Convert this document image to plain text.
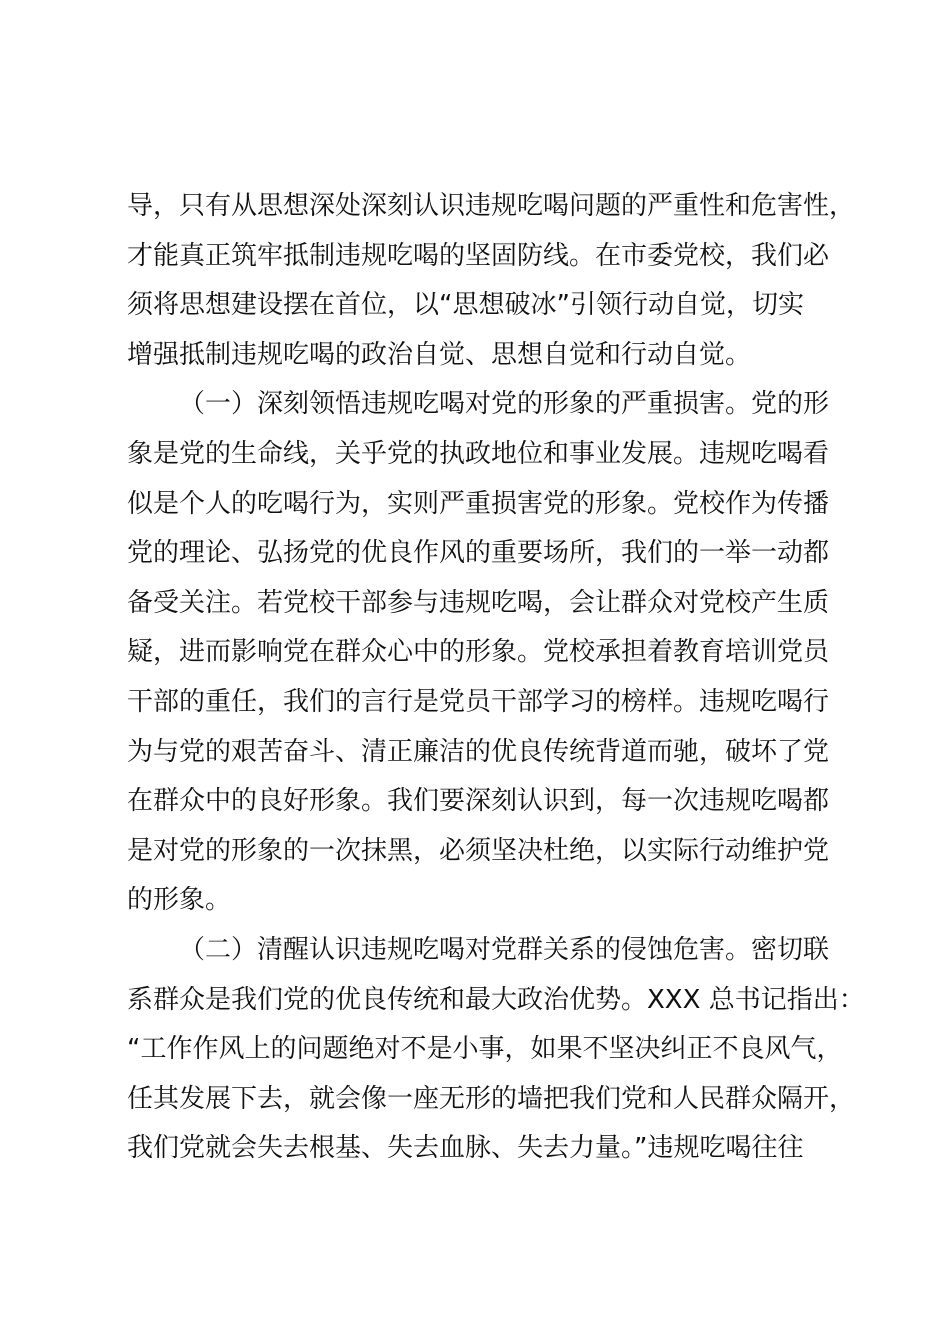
导，只有从思想深处深刻认识违规吃喝问题的严重性和危害性，
才能真正筑牢抵制违规吃喝的坚固防线。在市委党校，我们必
须将思想建设摆在首位，以“思想破冰”引领行动自觉，切实
增强抵制违规吃喝的政治自觉、思想自觉和行动自觉。
（一）深刻领悟违规吃喝对党的形象的严重损害。党的形
象是党的生命线，关乎党的执政地位和事业发展。违规吃喝看
似是个人的吃喝行为，实则严重损害党的形象。党校作为传播
党的理论、弘扬党的优良作风的重要场所，我们的一举一动都
备受关注。若党校干部参与违规吃喝，会让群众对党校产生质
疑，进而影响党在群众心中的形象。党校承担着教育培训党员
干部的重任，我们的言行是党员干部学习的榜样。违规吃喝行
为与党的艰苦奋斗、清正廉洁的优良传统背道而驰，破坏了党
在群众中的良好形象。我们要深刻认识到，每一次违规吃喝都
是对党的形象的一次抹黑，必须坚决杜绝，以实际行动维护党
的形象。
（二）清醒认识违规吃喝对党群关系的侵蚀危害。密切联
系群众是我们党的优良传统和最大政治优势。XXX 总书记指出：
“工作作风上的问题绝对不是小事，如果不坚决纠正不良风气，
任其发展下去，就会像一座无形的墙把我们党和人民群众隔开，
我们党就会失去根基、失去血脉、失去力量。”违规吃喝往往
